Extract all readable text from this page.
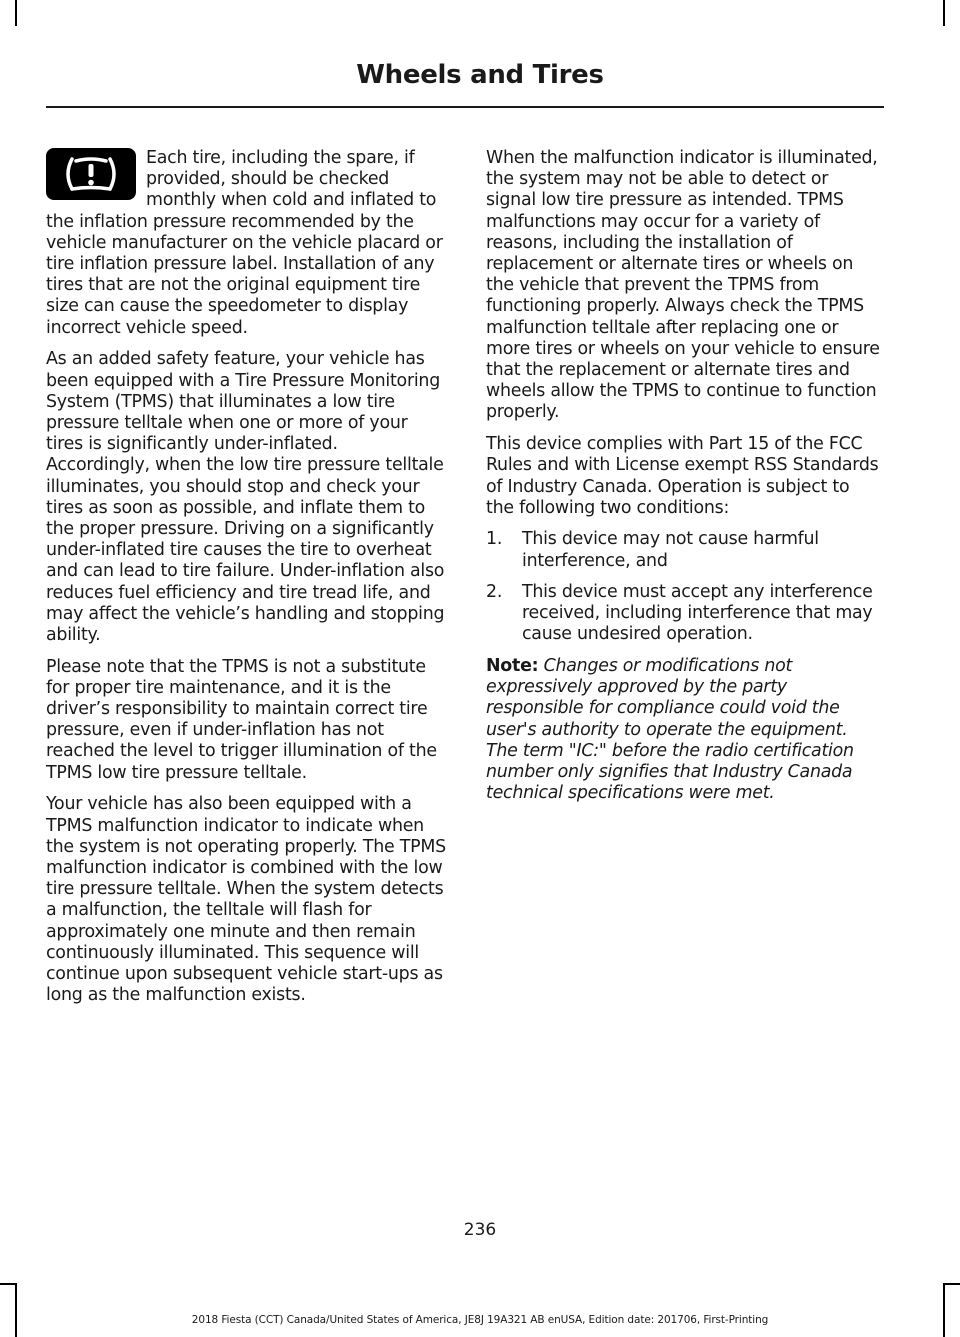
Wheels and Tires

Each tire, including the spare, if provided, should be checked monthly when cold and inflated to the inflation pressure recommended by the vehicle manufacturer on the vehicle placard or tire inflation pressure label. Installation of any tires that are not the original equipment tire size can cause the speedometer to display incorrect vehicle speed.

As an added safety feature, your vehicle has been equipped with a Tire Pressure Monitoring System (TPMS) that illuminates a low tire pressure telltale when one or more of your tires is significantly under-inflated. Accordingly, when the low tire pressure telltale illuminates, you should stop and check your tires as soon as possible, and inflate them to the proper pressure. Driving on a significantly under-inflated tire causes the tire to overheat and can lead to tire failure. Under-inflation also reduces fuel efficiency and tire tread life, and may affect the vehicle’s handling and stopping ability.

Please note that the TPMS is not a substitute for proper tire maintenance, and it is the driver’s responsibility to maintain correct tire pressure, even if under-inflation has not reached the level to trigger illumination of the TPMS low tire pressure telltale.

Your vehicle has also been equipped with a TPMS malfunction indicator to indicate when the system is not operating properly. The TPMS malfunction indicator is combined with the low tire pressure telltale. When the system detects a malfunction, the telltale will flash for approximately one minute and then remain continuously illuminated. This sequence will continue upon subsequent vehicle start-ups as long as the malfunction exists.

When the malfunction indicator is illuminated, the system may not be able to detect or signal low tire pressure as intended. TPMS malfunctions may occur for a variety of reasons, including the installation of replacement or alternate tires or wheels on the vehicle that prevent the TPMS from functioning properly. Always check the TPMS malfunction telltale after replacing one or more tires or wheels on your vehicle to ensure that the replacement or alternate tires and wheels allow the TPMS to continue to function properly.

This device complies with Part 15 of the FCC Rules and with License exempt RSS Standards of Industry Canada. Operation is subject to the following two conditions:

1.	This device may not cause harmful interference, and
2.	This device must accept any interference received, including interference that may cause undesired operation.

Note: Changes or modifications not expressively approved by the party responsible for compliance could void the user's authority to operate the equipment. The term "IC:" before the radio certification number only signifies that Industry Canada technical specifications were met.

236
2018 Fiesta (CCT) Canada/United States of America, JE8J 19A321 AB enUSA, Edition date: 201706, First-Printing
